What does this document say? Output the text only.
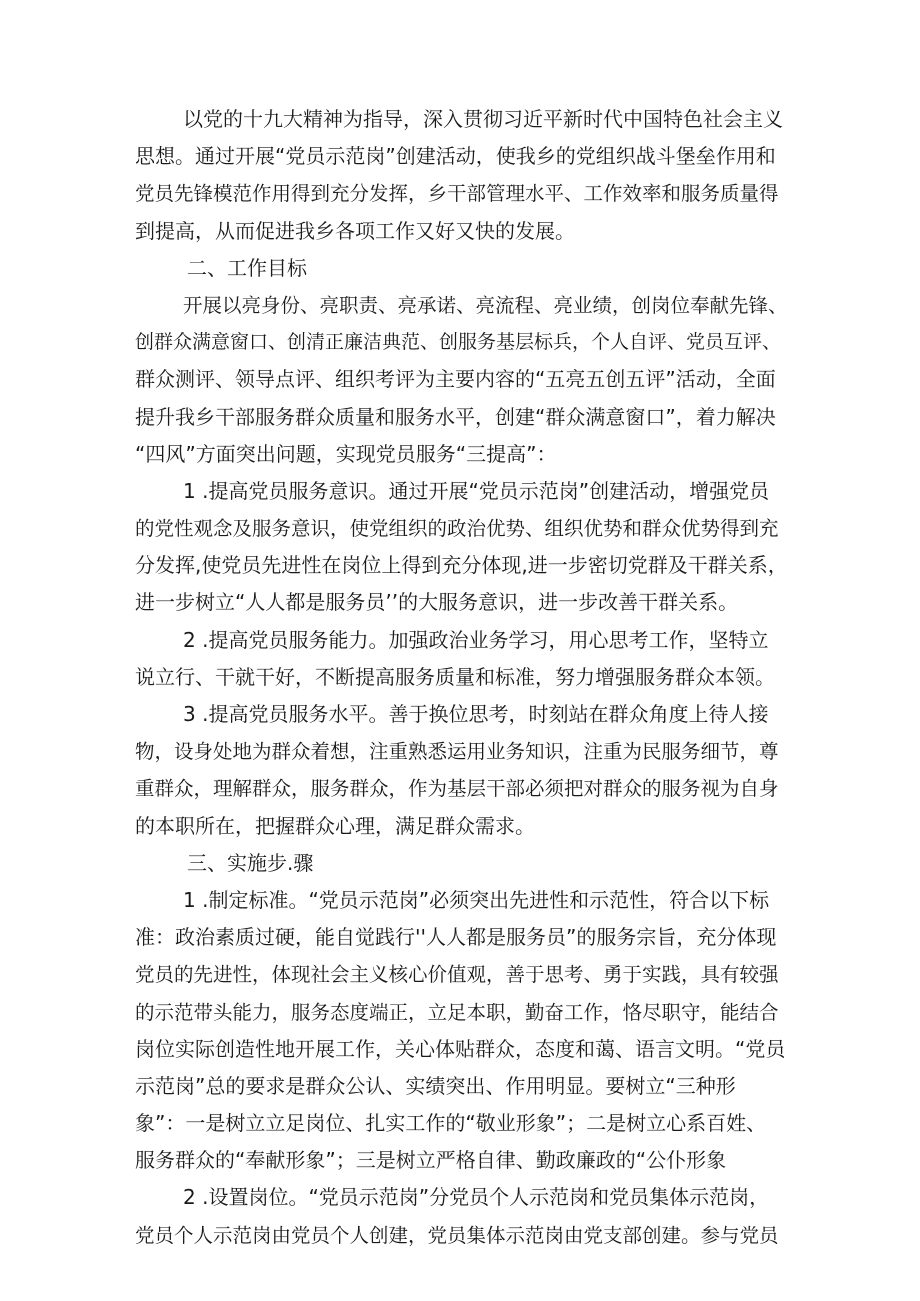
以党的十九大精神为指导，深入贯彻习近平新时代中国特色社会主义
思想。通过开展“党员示范岗”创建活动，使我乡的党组织战斗堡垒作用和
党员先锋模范作用得到充分发挥，乡干部管理水平、工作效率和服务质量得
到提高，从而促进我乡各项工作又好又快的发展。
二、工作目标
开展以亮身份、亮职责、亮承诺、亮流程、亮业绩，创岗位奉献先锋、
创群众满意窗口、创清正廉洁典范、创服务基层标兵，个人自评、党员互评、
群众测评、领导点评、组织考评为主要内容的“五亮五创五评”活动，全面
提升我乡干部服务群众质量和服务水平，创建“群众满意窗口”，着力解决
“四风”方面突出问题，实现党员服务“三提高”：
1 .提高党员服务意识。通过开展“党员示范岗”创建活动，增强党员
的党性观念及服务意识，使党组织的政治优势、组织优势和群众优势得到充
分发挥,使党员先进性在岗位上得到充分体现,进一步密切党群及干群关系，
进一步树立“人人都是服务员’’的大服务意识，进一步改善干群关系。
2 .提高党员服务能力。加强政治业务学习，用心思考工作，坚特立
说立行、干就干好，不断提高服务质量和标准，努力增强服务群众本领。
3 .提高党员服务水平。善于换位思考，时刻站在群众角度上待人接
物，设身处地为群众着想，注重熟悉运用业务知识，注重为民服务细节，尊
重群众，理解群众，服务群众，作为基层干部必须把对群众的服务视为自身
的本职所在，把握群众心理，满足群众需求。
三、实施步.骤
1 .制定标准。“党员示范岗”必须突出先进性和示范性，符合以下标
准：政治素质过硬，能自觉践行''人人都是服务员”的服务宗旨，充分体现
党员的先进性，体现社会主义核心价值观，善于思考、勇于实践，具有较强
的示范带头能力，服务态度端正，立足本职，勤奋工作，恪尽职守，能结合
岗位实际创造性地开展工作，关心体贴群众，态度和蔼、语言文明。“党员
示范岗”总的要求是群众公认、实绩突出、作用明显。要树立“三种形
象”：一是树立立足岗位、扎实工作的“敬业形象”；二是树立心系百姓、
服务群众的“奉献形象”；三是树立严格自律、勤政廉政的“公仆形象
2 .设置岗位。“党员示范岗”分党员个人示范岗和党员集体示范岗，
党员个人示范岗由党员个人创建，党员集体示范岗由党支部创建。参与党员
